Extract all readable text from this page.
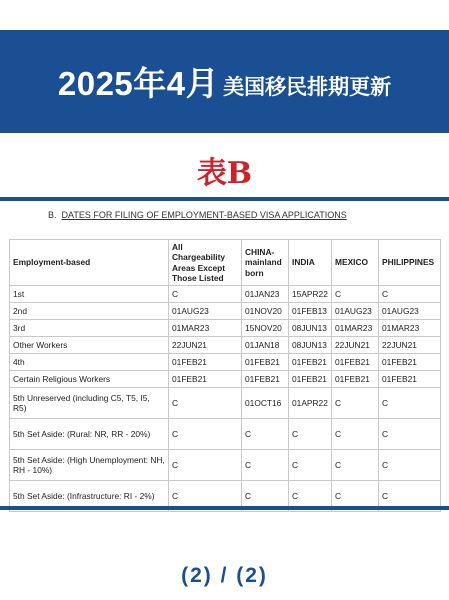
2025年4月 美国移民排期更新
表B
B. DATES FOR FILING OF EMPLOYMENT-BASED VISA APPLICATIONS
Employment-based	All Chargeability Areas Except Those Listed	CHINA-mainland born	INDIA	MEXICO	PHILIPPINES
1st	C	01JAN23	15APR22	C	C
2nd	01AUG23	01NOV20	01FEB13	01AUG23	01AUG23
3rd	01MAR23	15NOV20	08JUN13	01MAR23	01MAR23
Other Workers	22JUN21	01JAN18	08JUN13	22JUN21	22JUN21
4th	01FEB21	01FEB21	01FEB21	01FEB21	01FEB21
Certain Religious Workers	01FEB21	01FEB21	01FEB21	01FEB21	01FEB21
5th Unreserved (including C5, T5, I5, R5)	C	01OCT16	01APR22	C	C
5th Set Aside: (Rural: NR, RR - 20%)	C	C	C	C	C
5th Set Aside: (High Unemployment: NH, RH - 10%)	C	C	C	C	C
5th Set Aside: (Infrastructure: RI - 2%)	C	C	C	C	C
(2) / (2)
